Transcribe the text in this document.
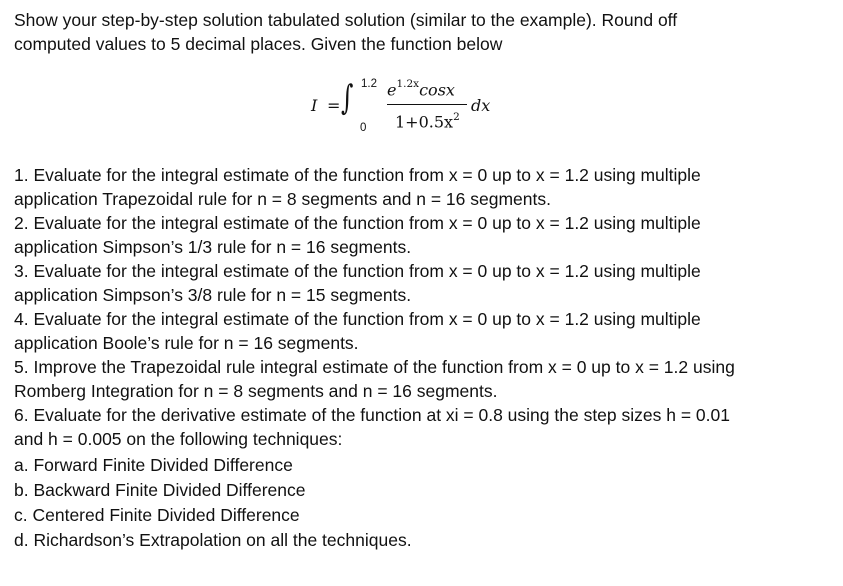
Show your step-by-step solution tabulated solution (similar to the example). Round off
computed values to 5 decimal places. Given the function below
I = ∫ 1.2
0
$e^{1.2x}\cos x$
$1+0.5x^2$
dx
1. Evaluate for the integral estimate of the function from x = 0 up to x = 1.2 using multiple
application Trapezoidal rule for n = 8 segments and n = 16 segments.
2. Evaluate for the integral estimate of the function from x = 0 up to x = 1.2 using multiple
application Simpson’s 1/3 rule for n = 16 segments.
3. Evaluate for the integral estimate of the function from x = 0 up to x = 1.2 using multiple
application Simpson’s 3/8 rule for n = 15 segments.
4. Evaluate for the integral estimate of the function from x = 0 up to x = 1.2 using multiple
application Boole’s rule for n = 16 segments.
5. Improve the Trapezoidal rule integral estimate of the function from x = 0 up to x = 1.2 using
Romberg Integration for n = 8 segments and n = 16 segments.
6. Evaluate for the derivative estimate of the function at xi = 0.8 using the step sizes h = 0.01
and h = 0.005 on the following techniques:
a. Forward Finite Divided Difference
b. Backward Finite Divided Difference
c. Centered Finite Divided Difference
d. Richardson’s Extrapolation on all the techniques.
